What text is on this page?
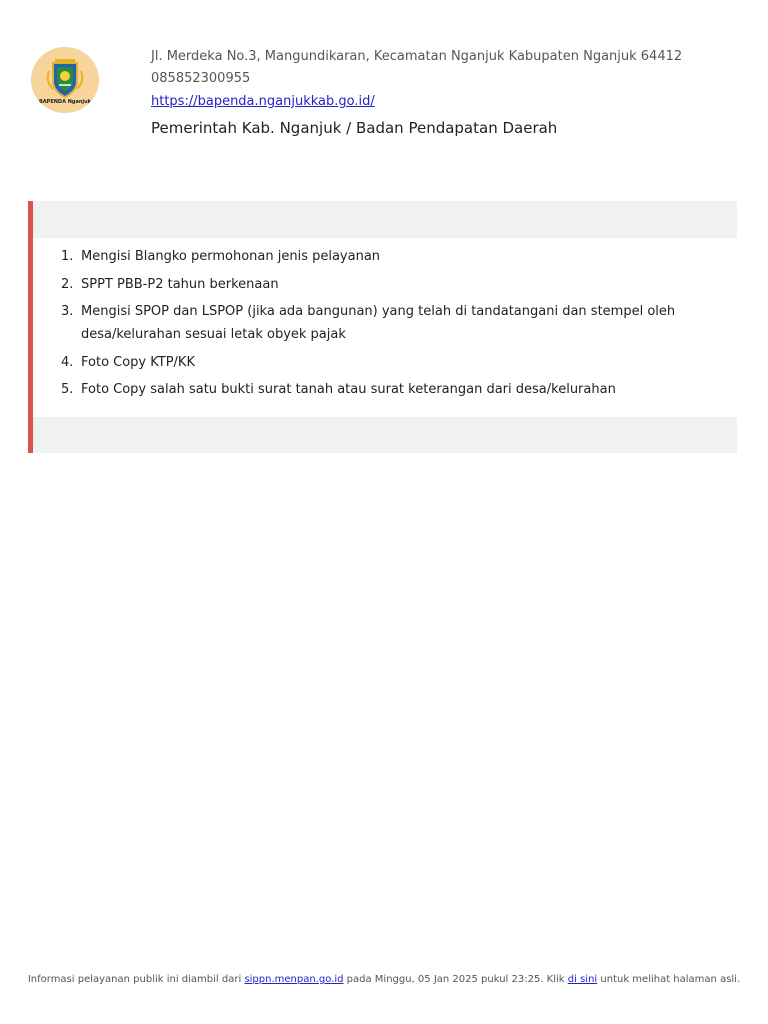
BAPENDA Nganjuk
Jl. Merdeka No.3, Mangundikaran, Kecamatan Nganjuk Kabupaten Nganjuk 64412
085852300955
https://bapenda.nganjukkab.go.id/
Pemerintah Kab. Nganjuk / Badan Pendapatan Daerah
1. Mengisi Blangko permohonan jenis pelayanan
2. SPPT PBB-P2 tahun berkenaan
3. Mengisi SPOP dan LSPOP (jika ada bangunan) yang telah di tandatangani dan stempel oleh desa/kelurahan sesuai letak obyek pajak
4. Foto Copy KTP/KK
5. Foto Copy salah satu bukti surat tanah atau surat keterangan dari desa/kelurahan
Informasi pelayanan publik ini diambil dari sippn.menpan.go.id pada Minggu, 05 Jan 2025 pukul 23:25. Klik di sini untuk melihat halaman asli.
